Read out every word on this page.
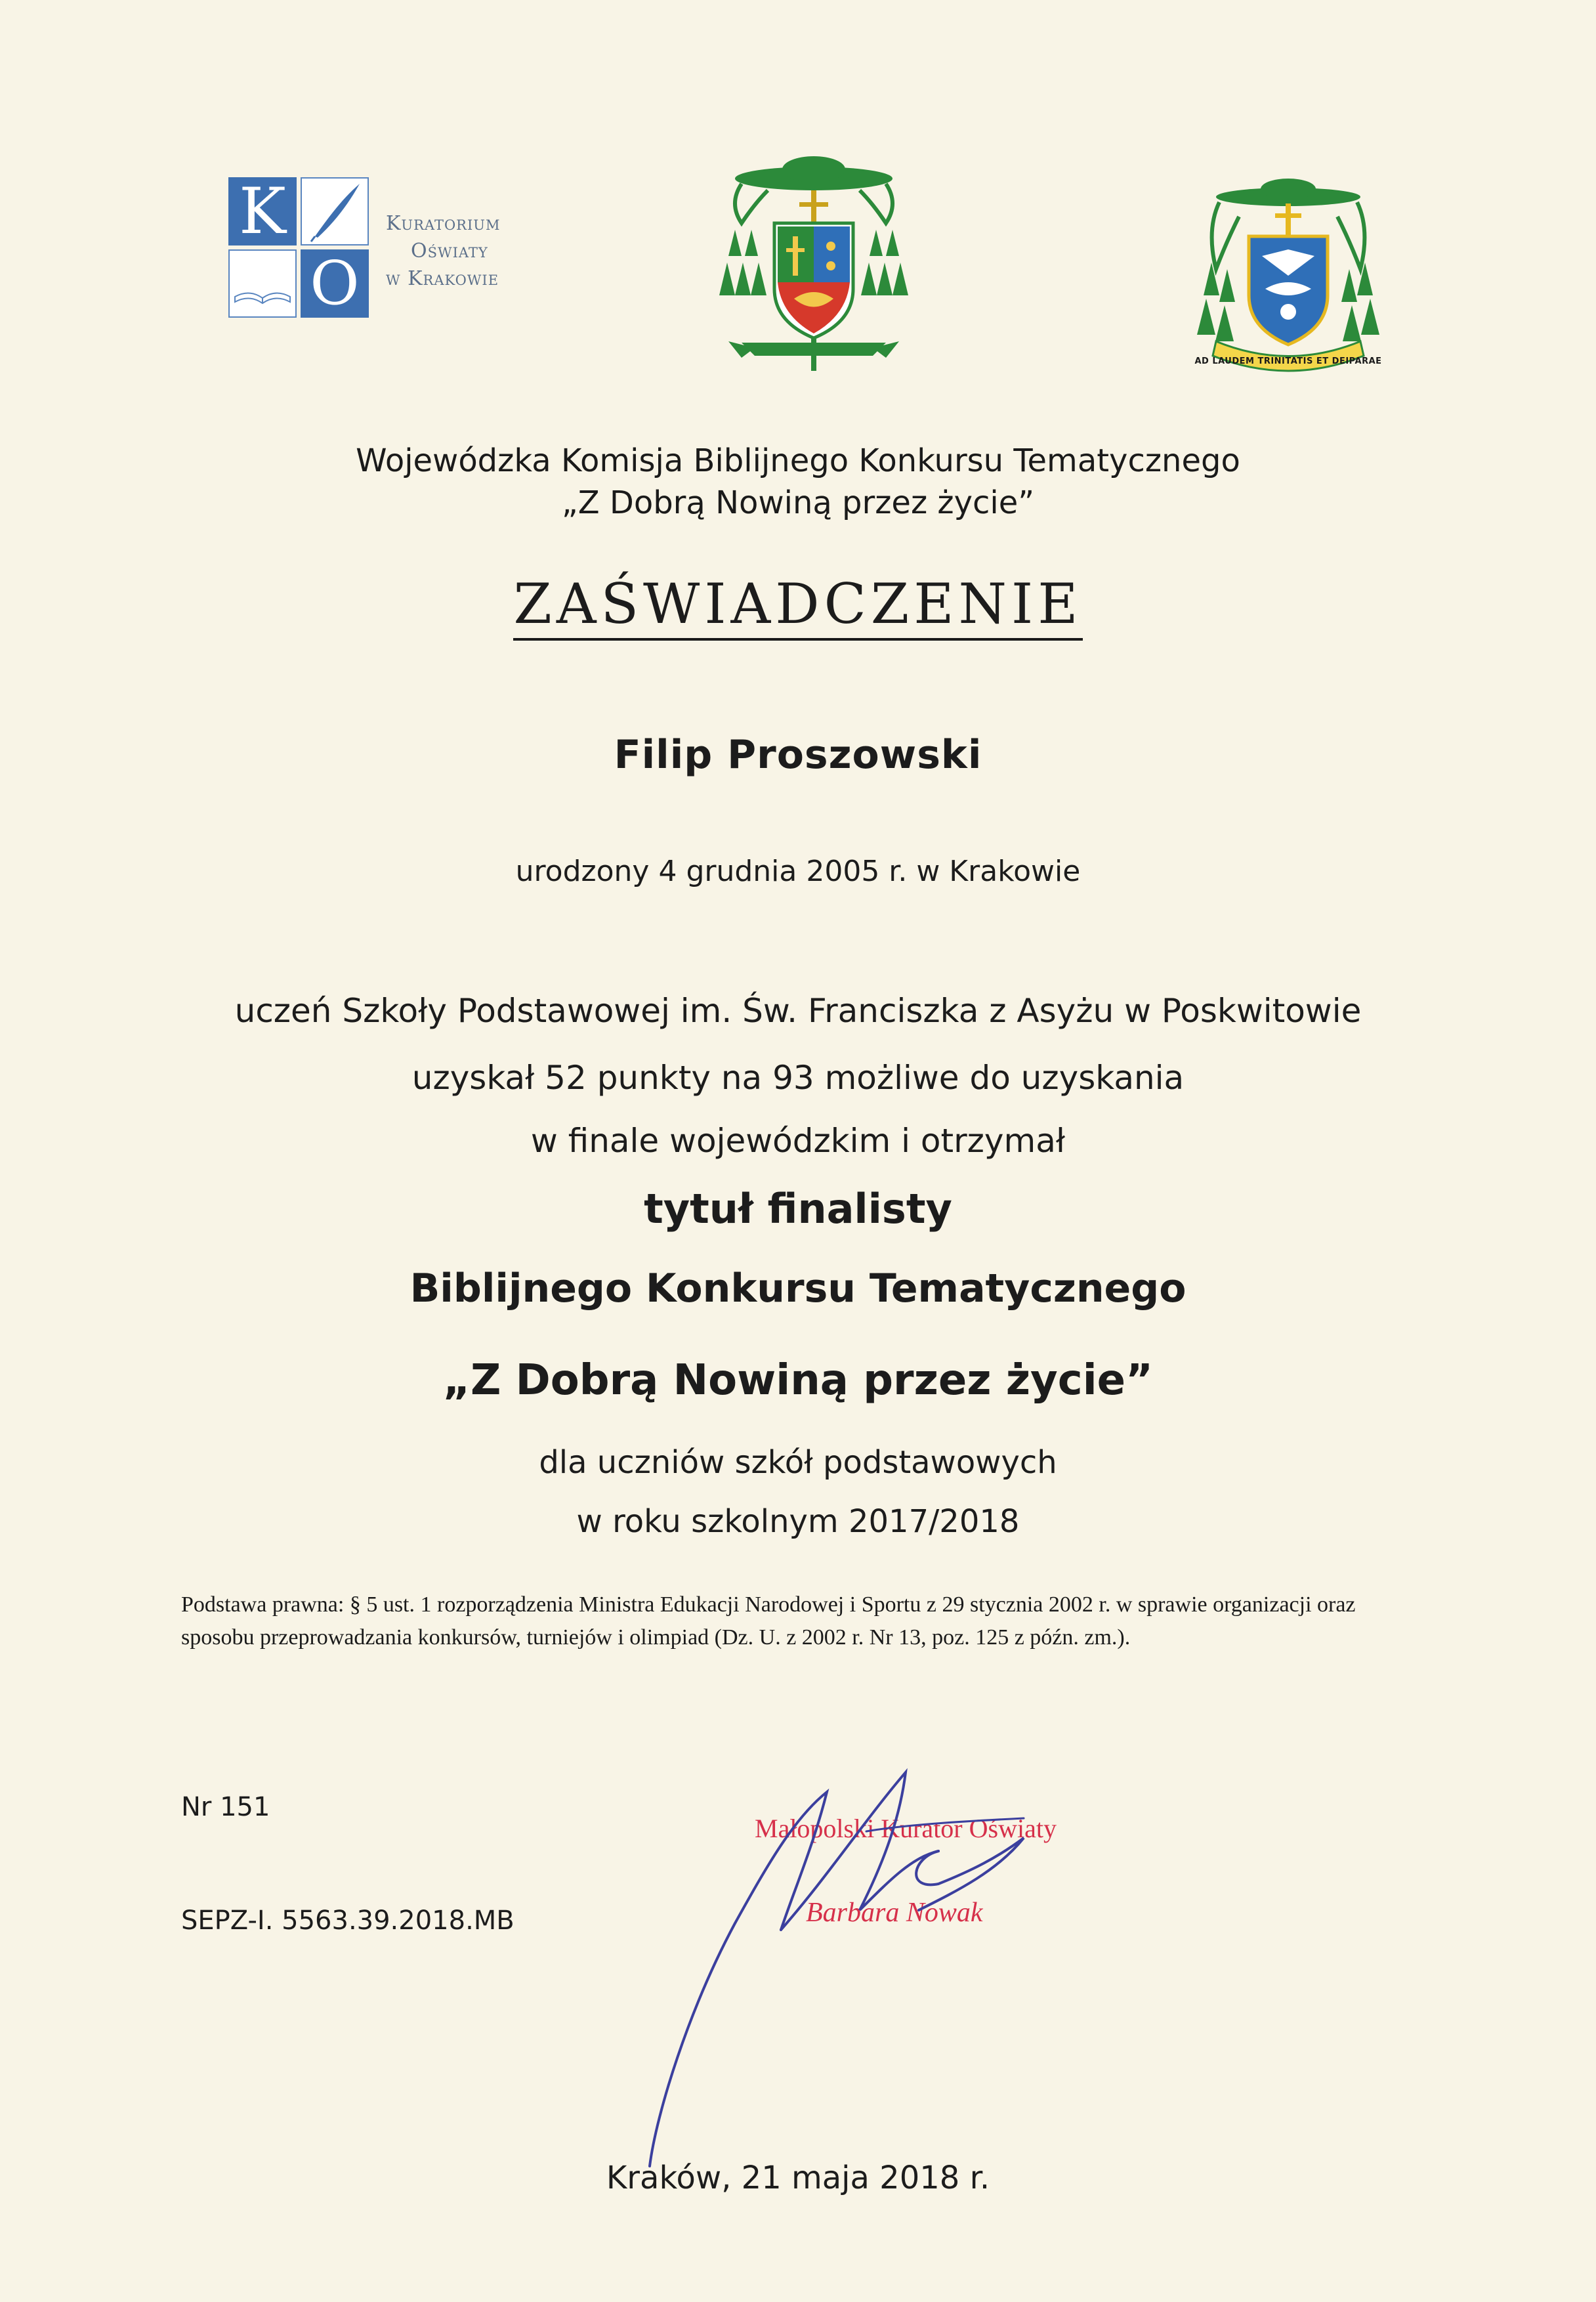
K
O
Kuratorium
Oświaty
w Krakowie
AD LAUDEM TRINITATIS ET DEIPARAE
Wojewódzka Komisja Biblijnego Konkursu Tematycznego
„Z Dobrą Nowiną przez życie”
ZAŚWIADCZENIE
Filip Proszowski
urodzony 4 grudnia 2005 r. w Krakowie
uczeń Szkoły Podstawowej im. Św. Franciszka z Asyżu w Poskwitowie
uzyskał 52 punkty na 93 możliwe do uzyskania
w finale wojewódzkim i otrzymał
tytuł finalisty
Biblijnego Konkursu Tematycznego
„Z Dobrą Nowiną przez życie”
dla uczniów szkół podstawowych
w roku szkolnym 2017/2018
Podstawa prawna: § 5 ust. 1 rozporządzenia Ministra Edukacji Narodowej i Sportu z 29 stycznia 2002 r. w sprawie organizacji oraz sposobu przeprowadzania konkursów, turniejów i olimpiad (Dz. U. z 2002 r. Nr 13, poz. 125 z późn. zm.).
Nr 151
SEPZ-I. 5563.39.2018.MB
Małopolski Kurator Oświaty
Barbara Nowak
Kraków, 21 maja 2018 r.
